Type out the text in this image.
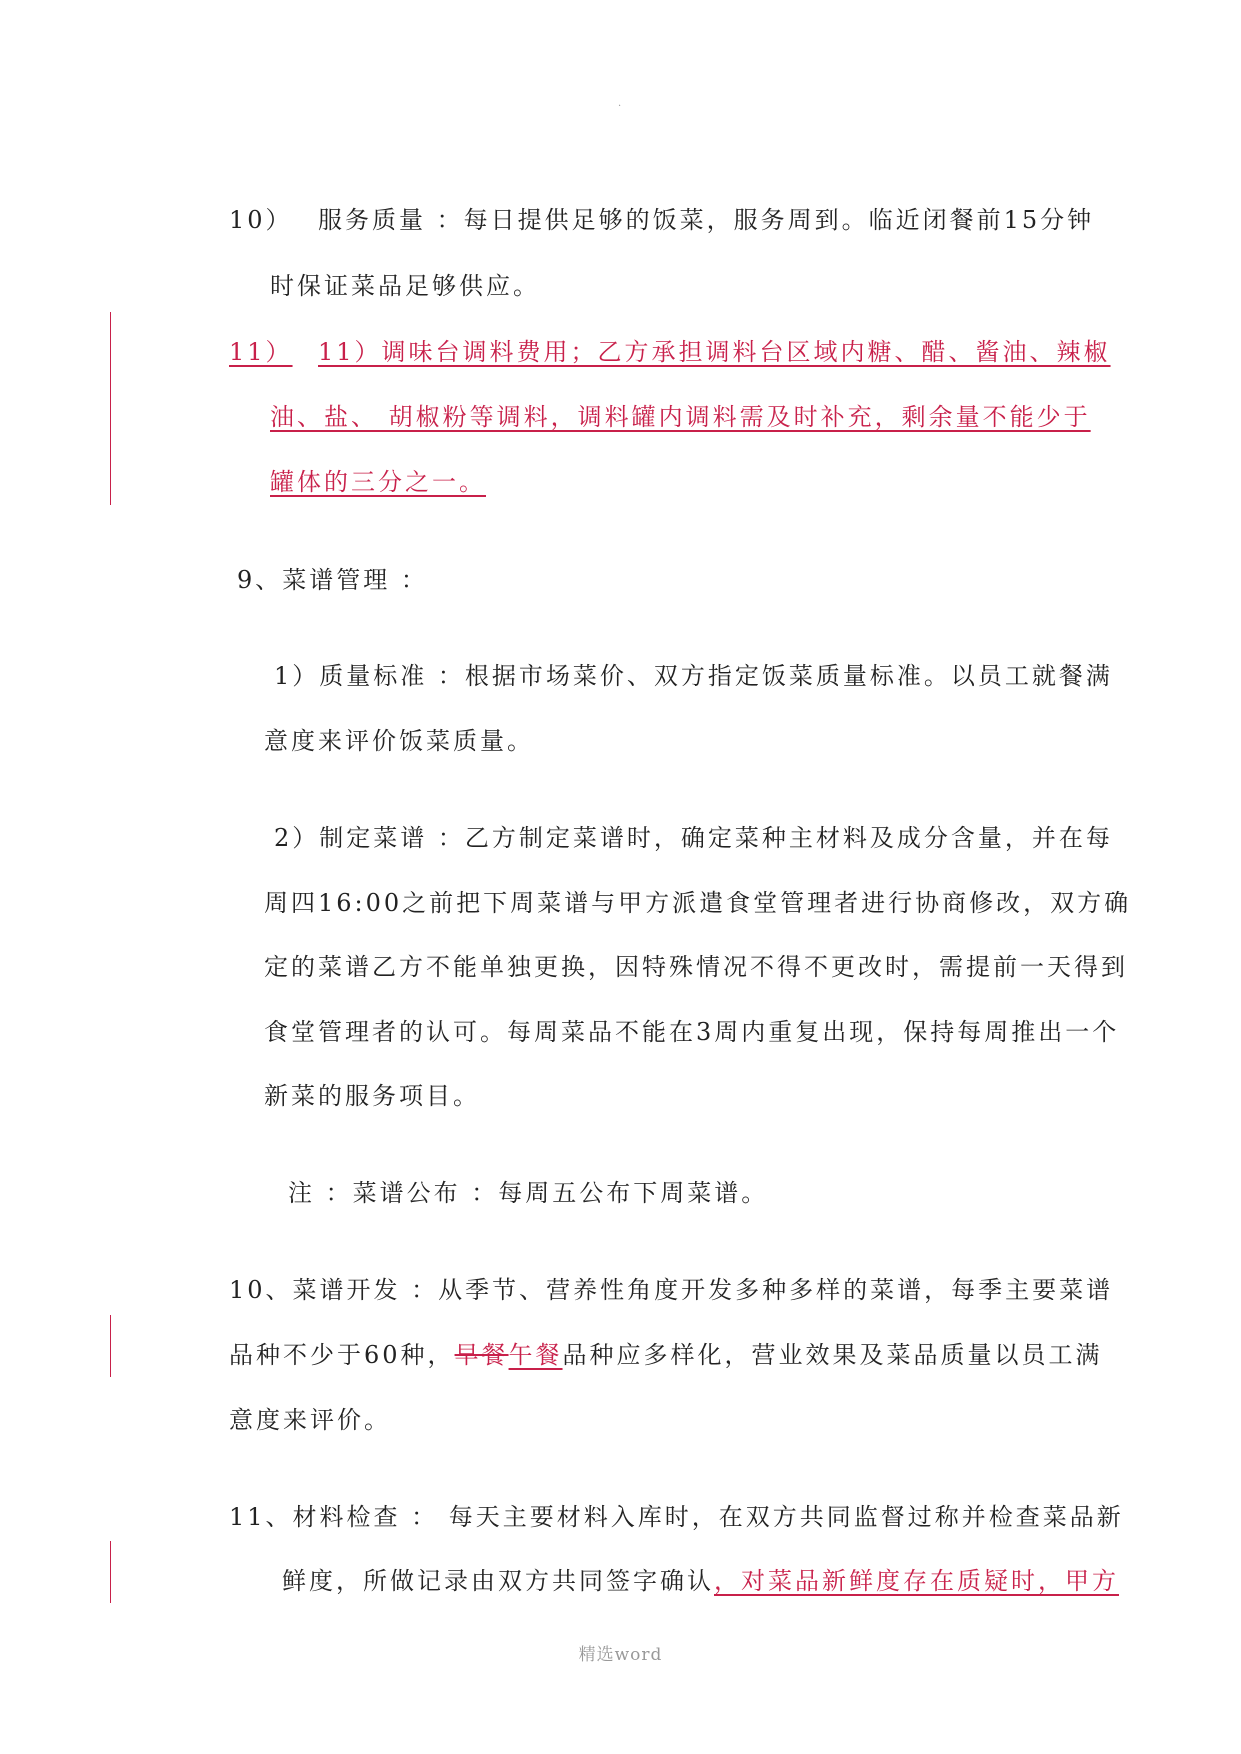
.
10） 服务质量 ：每日提供足够的饭菜，服务周到。临近闭餐前15分钟
时保证菜品足够供应。
11） 11）调味台调料费用；乙方承担调料台区域内糖、醋、酱油、辣椒
油、盐、 胡椒粉等调料，调料罐内调料需及时补充，剩余量不能少于
罐体的三分之一。
9、菜谱管理 ：
1）质量标准 ：根据市场菜价、双方指定饭菜质量标准。以员工就餐满
意度来评价饭菜质量。
2）制定菜谱 ：乙方制定菜谱时，确定菜种主材料及成分含量，并在每
周四16:00之前把下周菜谱与甲方派遣食堂管理者进行协商修改，双方确
定的菜谱乙方不能单独更换，因特殊情况不得不更改时，需提前一天得到
食堂管理者的认可。每周菜品不能在3周内重复出现，保持每周推出一个
新菜的服务项目。
注 ：菜谱公布 ：每周五公布下周菜谱。
10、菜谱开发 ：从季节、营养性角度开发多种多样的菜谱，每季主要菜谱
品种不少于60种，早餐午餐品种应多样化，营业效果及菜品质量以员工满
意度来评价。
11、材料检查 ： 每天主要材料入库时，在双方共同监督过称并检查菜品新
鲜度，所做记录由双方共同签字确认，对菜品新鲜度存在质疑时，甲方
精选word
